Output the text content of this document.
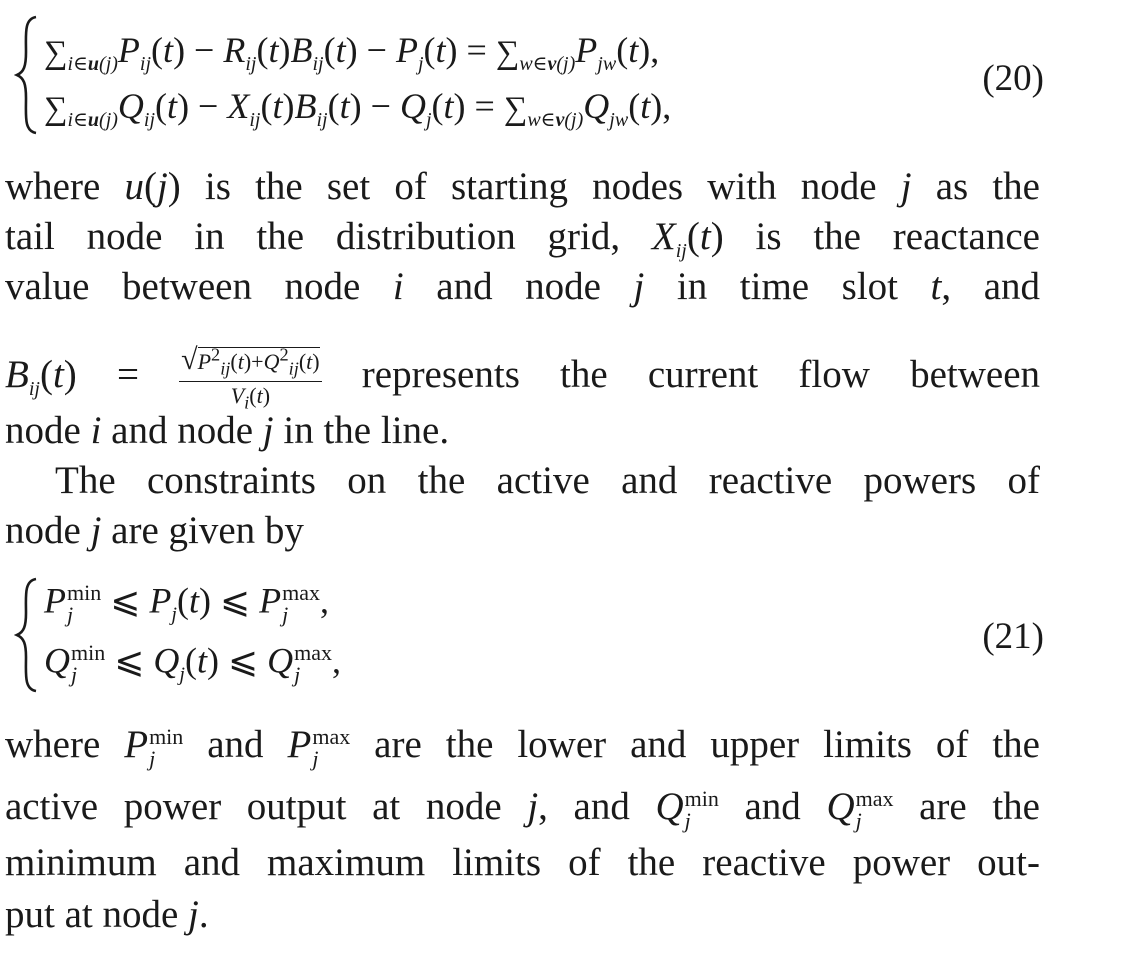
$\sum_{i\in u(j)}P_{ij}(t) - R_{ij}(t)B_{ij}(t) - P_j(t) = \sum_{w\in v(j)}P_{jw}(t)$,
$\sum_{i\in u(j)}Q_{ij}(t) - X_{ij}(t)B_{ij}(t) - Q_j(t) = \sum_{w\in v(j)}Q_{jw}(t)$,
(20)
where u(j) is the set of starting nodes with node j as the
tail node in the distribution grid, $X_{ij}(t)$ is the reactance
value between node i and node j in time slot t, and
$B_{ij}(t) = \frac{√P^2_{ij}(t)+Q^2_{ij}(t)}{V_i(t)}$ represents the current flow between
node i and node j in the line.
The constraints on the active and reactive powers of
node j are given by
P min
j ⩽ $P_j(t)$ ⩽ P max
j ,
Q min
j ⩽ $Q_j(t)$ ⩽ Q max
j ,
(21)
where P min
j and P max
j are the lower and upper limits of the
active power output at node j, and Q min
j and Q max
j are the
minimum and maximum limits of the reactive power out-
put at node j.
